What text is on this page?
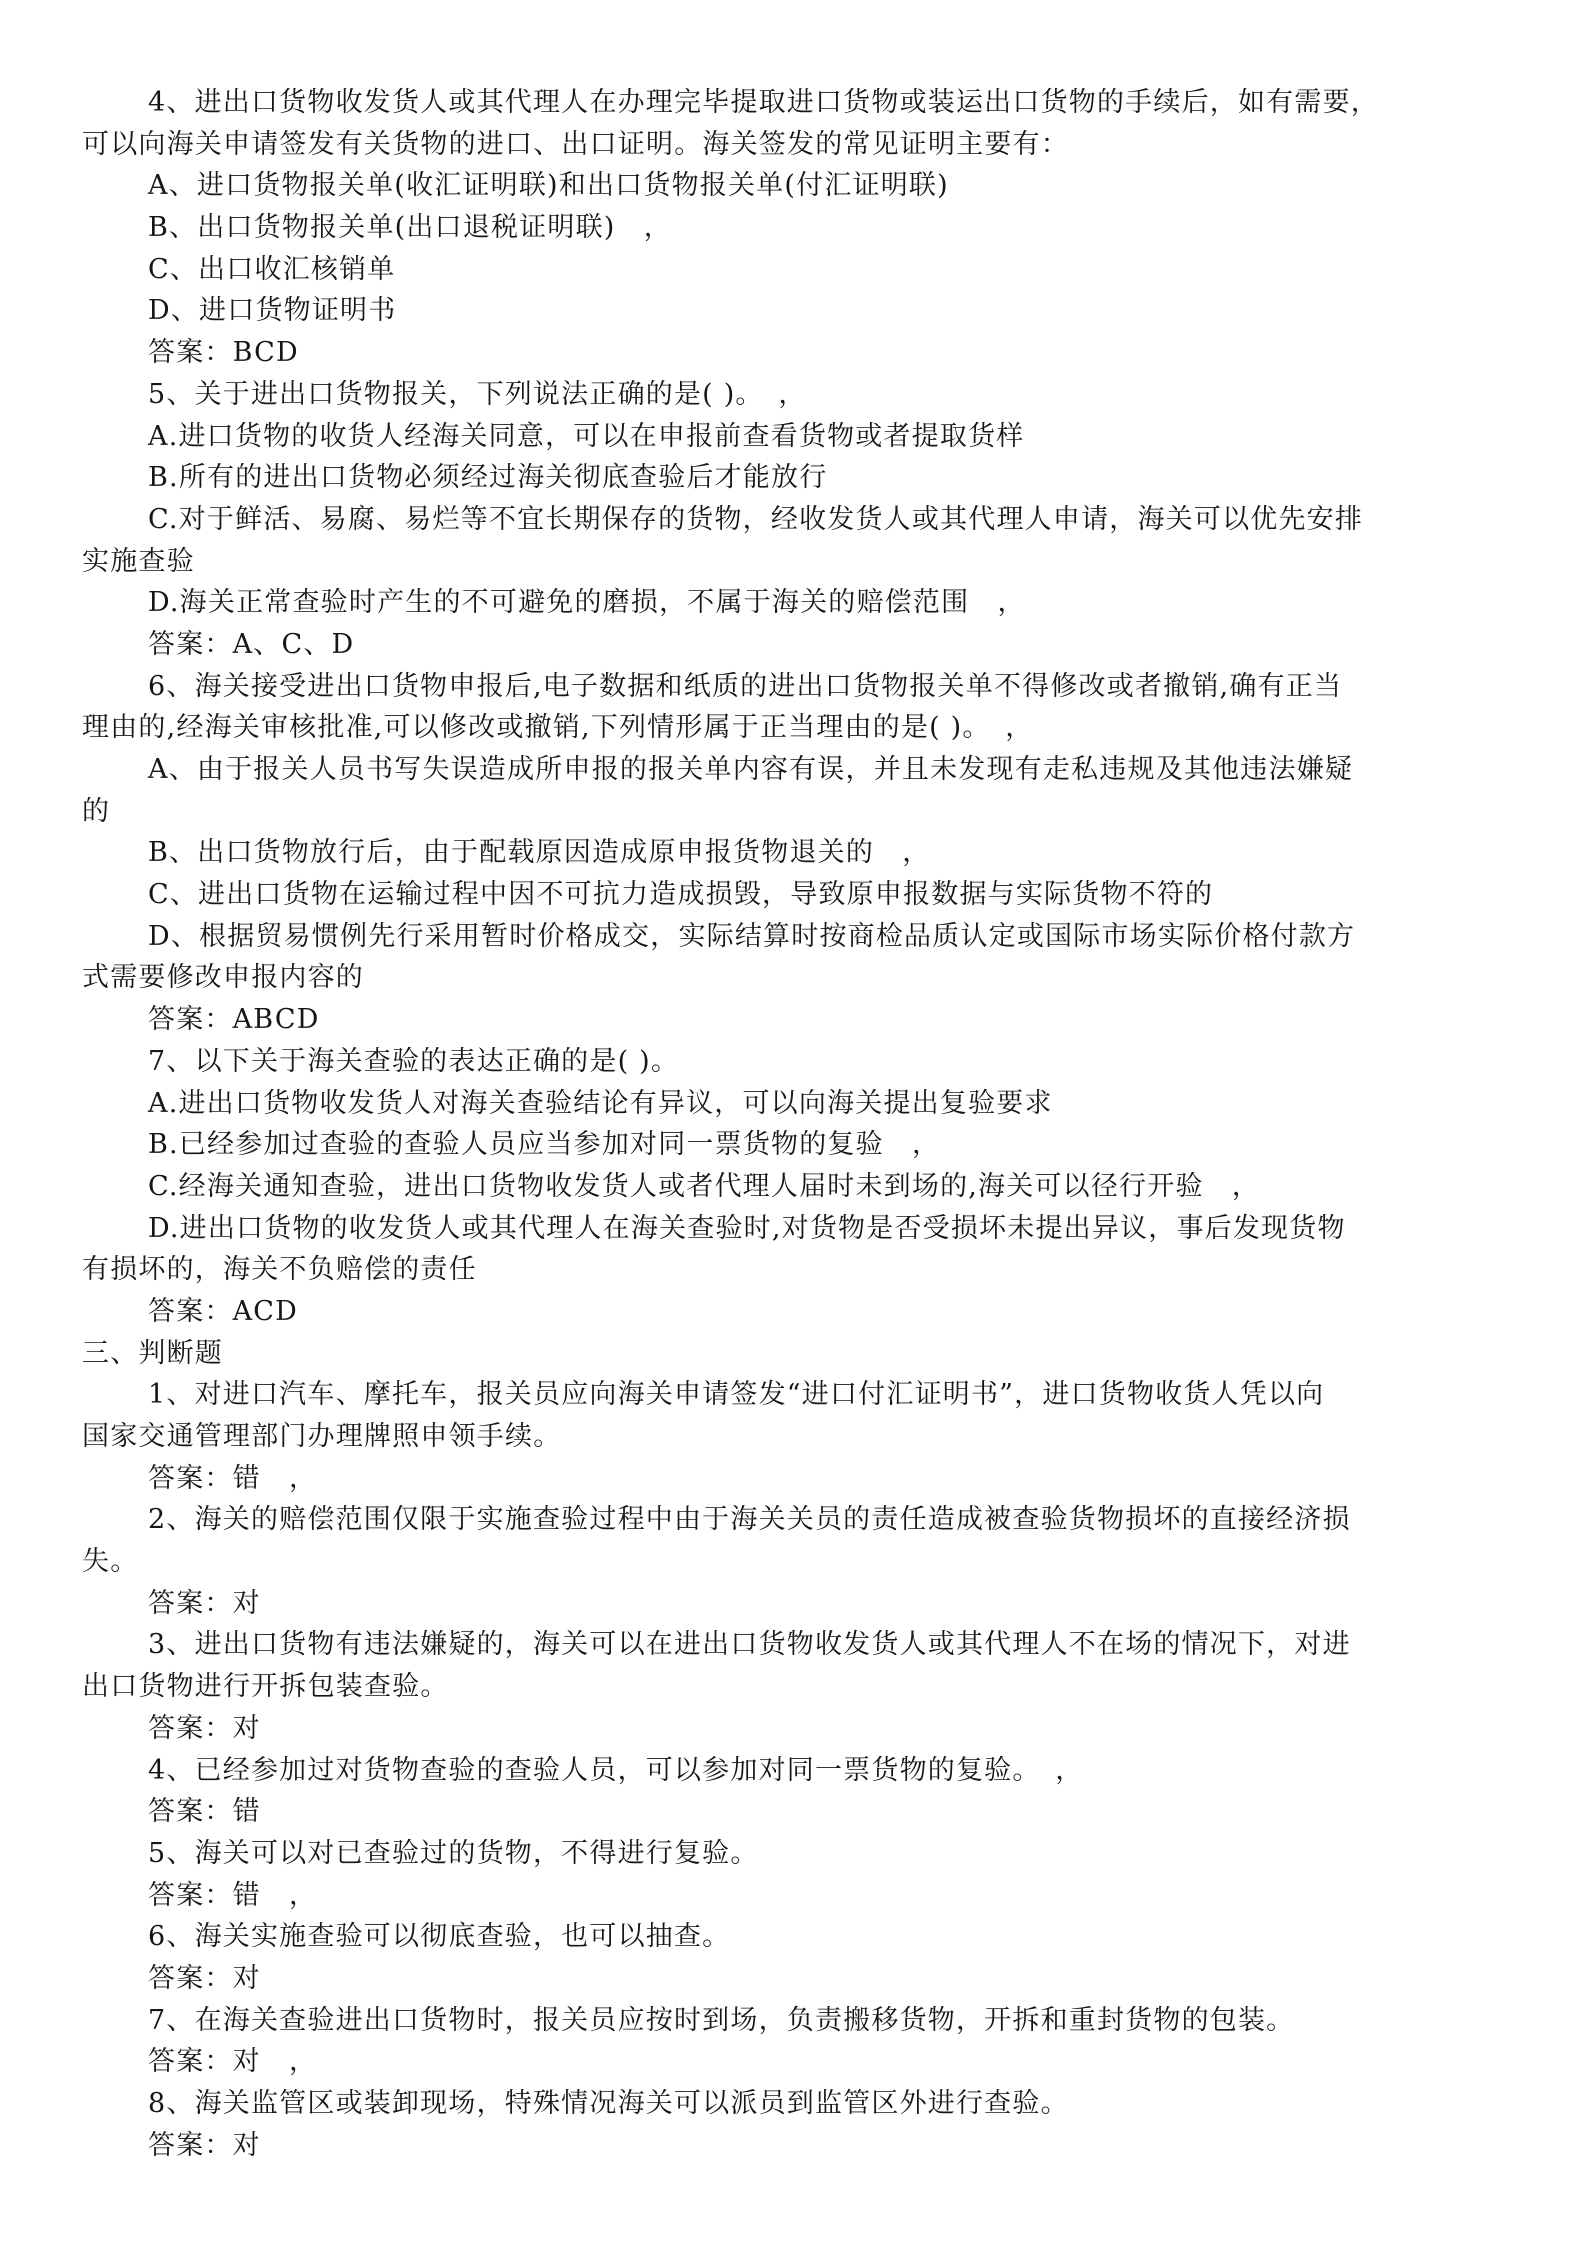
4、进出口货物收发货人或其代理人在办理完毕提取进口货物或装运出口货物的手续后，如有需要，
可以向海关申请签发有关货物的进口、出口证明。海关签发的常见证明主要有：
A、进口货物报关单(收汇证明联)和出口货物报关单(付汇证明联)
B、出口货物报关单(出口退税证明联)　，
C、出口收汇核销单
D、进口货物证明书
答案：BCD
5、关于进出口货物报关，下列说法正确的是( )。　，
A.进口货物的收货人经海关同意，可以在申报前查看货物或者提取货样
B.所有的进出口货物必须经过海关彻底查验后才能放行
C.对于鲜活、易腐、易烂等不宜长期保存的货物，经收发货人或其代理人申请，海关可以优先安排
实施查验
D.海关正常查验时产生的不可避免的磨损，不属于海关的赔偿范围　，
答案：A、C、D
6、海关接受进出口货物申报后,电子数据和纸质的进出口货物报关单不得修改或者撤销,确有正当
理由的,经海关审核批准,可以修改或撤销,下列情形属于正当理由的是( )。　，
A、由于报关人员书写失误造成所申报的报关单内容有误，并且未发现有走私违规及其他违法嫌疑
的
B、出口货物放行后，由于配载原因造成原申报货物退关的　，
C、进出口货物在运输过程中因不可抗力造成损毁，导致原申报数据与实际货物不符的
D、根据贸易惯例先行采用暂时价格成交，实际结算时按商检品质认定或国际市场实际价格付款方
式需要修改申报内容的
答案：ABCD
7、以下关于海关查验的表达正确的是( )。
A.进出口货物收发货人对海关查验结论有异议，可以向海关提出复验要求
B.已经参加过查验的查验人员应当参加对同一票货物的复验　，
C.经海关通知查验，进出口货物收发货人或者代理人届时未到场的,海关可以径行开验　，
D.进出口货物的收发货人或其代理人在海关查验时,对货物是否受损坏未提出异议，事后发现货物
有损坏的，海关不负赔偿的责任
答案：ACD
三、判断题
1、对进口汽车、摩托车，报关员应向海关申请签发“进口付汇证明书”，进口货物收货人凭以向
国家交通管理部门办理牌照申领手续。
答案：错　，
2、海关的赔偿范围仅限于实施查验过程中由于海关关员的责任造成被查验货物损坏的直接经济损
失。
答案：对
3、进出口货物有违法嫌疑的，海关可以在进出口货物收发货人或其代理人不在场的情况下，对进
出口货物进行开拆包装查验。
答案：对
4、已经参加过对货物查验的查验人员，可以参加对同一票货物的复验。　，
答案：错
5、海关可以对已查验过的货物，不得进行复验。
答案：错　，
6、海关实施查验可以彻底查验，也可以抽查。
答案：对
7、在海关查验进出口货物时，报关员应按时到场，负责搬移货物，开拆和重封货物的包装。
答案：对　，
8、海关监管区或装卸现场，特殊情况海关可以派员到监管区外进行查验。
答案：对
